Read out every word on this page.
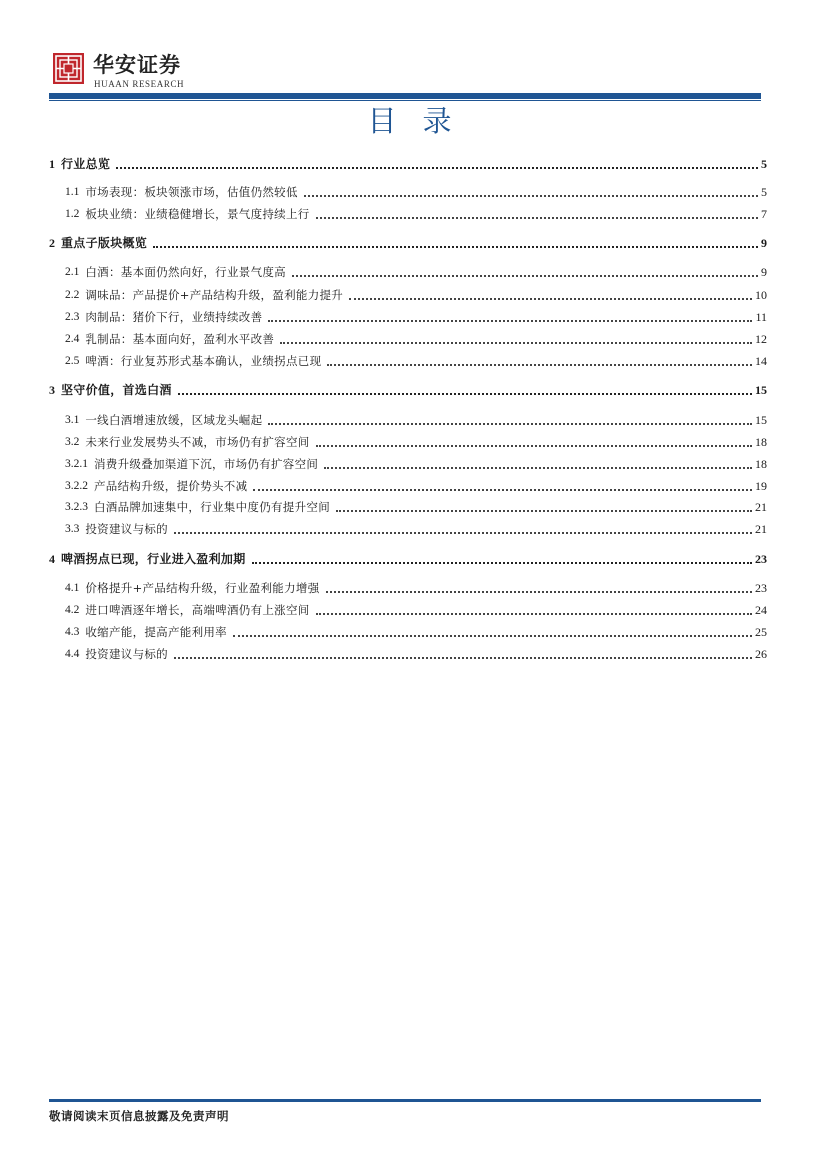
华安证券
HUAAN RESEARCH
目录
1 行业总览	5
1.1 市场表现：板块领涨市场，估值仍然较低	5
1.2 板块业绩：业绩稳健增长，景气度持续上行	7
2 重点子版块概览	9
2.1 白酒：基本面仍然向好，行业景气度高	9
2.2 调味品：产品提价+产品结构升级，盈利能力提升	10
2.3 肉制品：猪价下行，业绩持续改善	11
2.4 乳制品：基本面向好，盈利水平改善	12
2.5 啤酒：行业复苏形式基本确认，业绩拐点已现	14
3 坚守价值，首选白酒	15
3.1 一线白酒增速放缓，区域龙头崛起	15
3.2 未来行业发展势头不减，市场仍有扩容空间	18
3.2.1 消费升级叠加渠道下沉，市场仍有扩容空间	18
3.2.2 产品结构升级，提价势头不减	19
3.2.3 白酒品牌加速集中，行业集中度仍有提升空间	21
3.3 投资建议与标的	21
4 啤酒拐点已现，行业进入盈利加期	23
4.1 价格提升+产品结构升级，行业盈利能力增强	23
4.2 进口啤酒逐年增长，高端啤酒仍有上涨空间	24
4.3 收缩产能，提高产能利用率	25
4.4 投资建议与标的	26
敬请阅读末页信息披露及免责声明
